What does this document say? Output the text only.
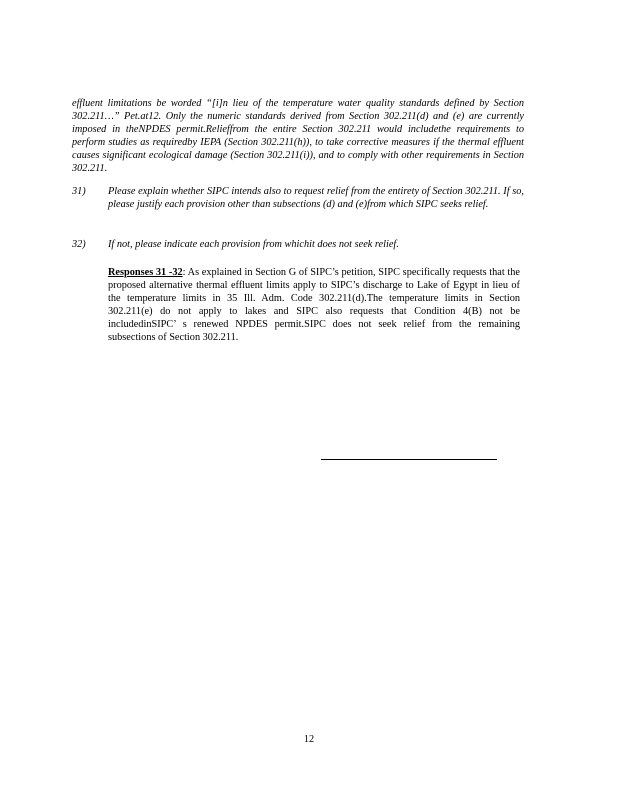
effluent limitations be worded “[i]n lieu of the temperature water quality standards defined by Section 302.211…” Pet.at12. Only the numeric standards derived from Section 302.211(d) and (e) are currently imposed in theNPDES permit.Relieffrom the entire Section 302.211 would includethe requirements to perform studies as requiredby IEPA (Section 302.211(h)), to take corrective measures if the thermal effluent causes significant ecological damage (Section 302.211(i)), and to comply with other requirements in Section 302.211.
31) Please explain whether SIPC intends also to request relief from the entirety of Section 302.211. If so, please justify each provision other than subsections (d) and (e)from which SIPC seeks relief.
32) If not, please indicate each provision from whichit does not seek relief.
Responses 31 -32: As explained in Section G of SIPC’s petition, SIPC specifically requests that the proposed alternative thermal effluent limits apply to SIPC’s discharge to Lake of Egypt in lieu of the temperature limits in 35 Ill. Adm. Code 302.211(d).The temperature limits in Section 302.211(e) do not apply to lakes and SIPC also requests that Condition 4(B) not be includedinSIPC’ s renewed NPDES permit.SIPC does not seek relief from the remaining subsections of Section 302.211.
12
